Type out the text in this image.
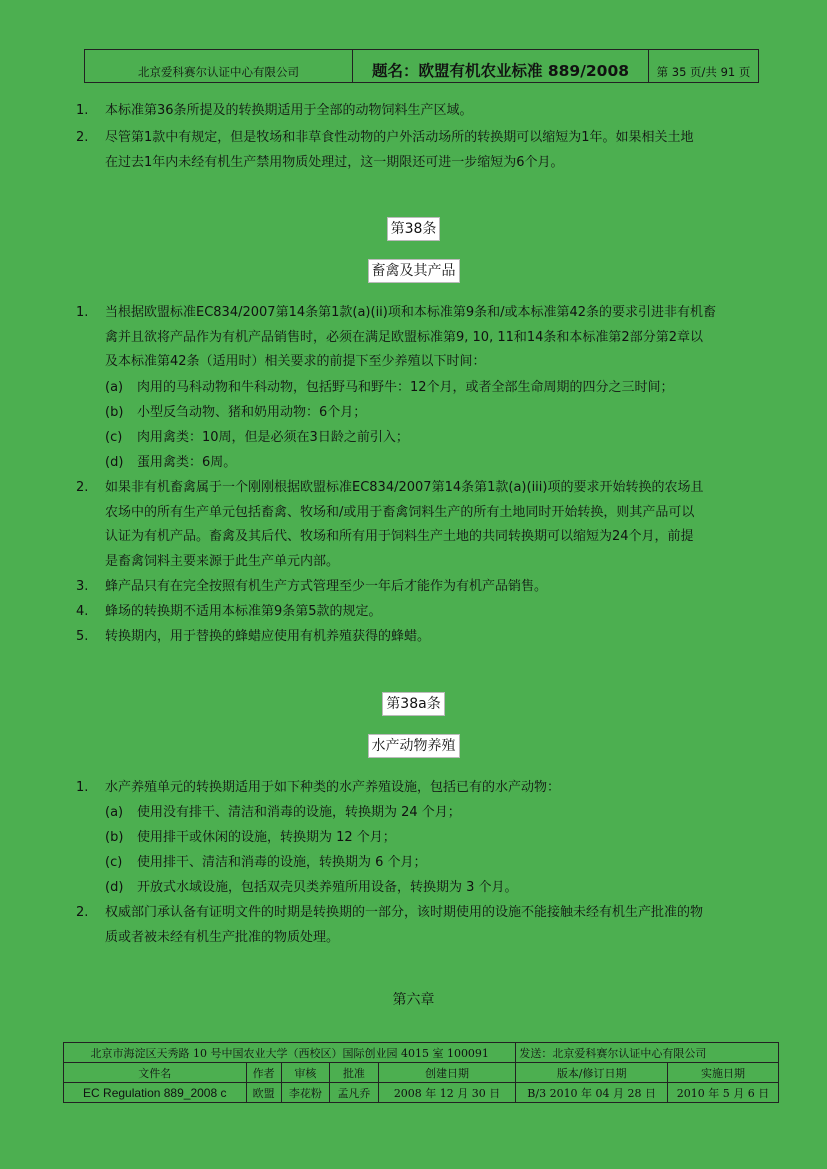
北京爱科赛尔认证中心有限公司	题名：欧盟有机农业标准 889/2008	第 35 页/共 91 页
1.	本标准第36条所提及的转换期适用于全部的动物饲料生产区域。
2.	尽管第1款中有规定，但是牧场和非草食性动物的户外活动场所的转换期可以缩短为1年。如果相关土地
在过去1年内未经有机生产禁用物质处理过，这一期限还可进一步缩短为6个月。
第38条
畜禽及其产品
1.	当根据欧盟标准EC834/2007第14条第1款(a)(ii)项和本标准第9条和/或本标准第42条的要求引进非有机畜
禽并且欲将产品作为有机产品销售时，必须在满足欧盟标准第9, 10, 11和14条和本标准第2部分第2章以
及本标准第42条（适用时）相关要求的前提下至少养殖以下时间：
(a) 肉用的马科动物和牛科动物，包括野马和野牛：12个月，或者全部生命周期的四分之三时间；
(b) 小型反刍动物、猪和奶用动物：6个月；
(c) 肉用禽类：10周，但是必须在3日龄之前引入；
(d) 蛋用禽类：6周。
2.	如果非有机畜禽属于一个刚刚根据欧盟标准EC834/2007第14条第1款(a)(iii)项的要求开始转换的农场且
农场中的所有生产单元包括畜禽、牧场和/或用于畜禽饲料生产的所有土地同时开始转换，则其产品可以
认证为有机产品。畜禽及其后代、牧场和所有用于饲料生产土地的共同转换期可以缩短为24个月，前提
是畜禽饲料主要来源于此生产单元内部。
3.	蜂产品只有在完全按照有机生产方式管理至少一年后才能作为有机产品销售。
4.	蜂场的转换期不适用本标准第9条第5款的规定。
5.	转换期内，用于替换的蜂蜡应使用有机养殖获得的蜂蜡。
第38a条
水产动物养殖
1.	水产养殖单元的转换期适用于如下种类的水产养殖设施，包括已有的水产动物：
(a) 使用没有排干、清洁和消毒的设施，转换期为 24 个月；
(b) 使用排干或休闲的设施，转换期为 12 个月；
(c) 使用排干、清洁和消毒的设施，转换期为 6 个月；
(d) 开放式水域设施，包括双壳贝类养殖所用设备，转换期为 3 个月。
2.	权威部门承认备有证明文件的时期是转换期的一部分，该时期使用的设施不能接触未经有机生产批准的物
质或者被未经有机生产批准的物质处理。
第六章
北京市海淀区天秀路 10 号中国农业大学（西校区）国际创业园 4015 室 100091					发送：北京爱科赛尔认证中心有限公司	
文件名	作者	审核	批准	创建日期	版本/修订日期	实施日期
EC Regulation 889_2008 c	欧盟	李花粉	孟凡乔	2008 年 12 月 30 日	B/3 2010 年 04 月 28 日	2010 年 5 月 6 日
